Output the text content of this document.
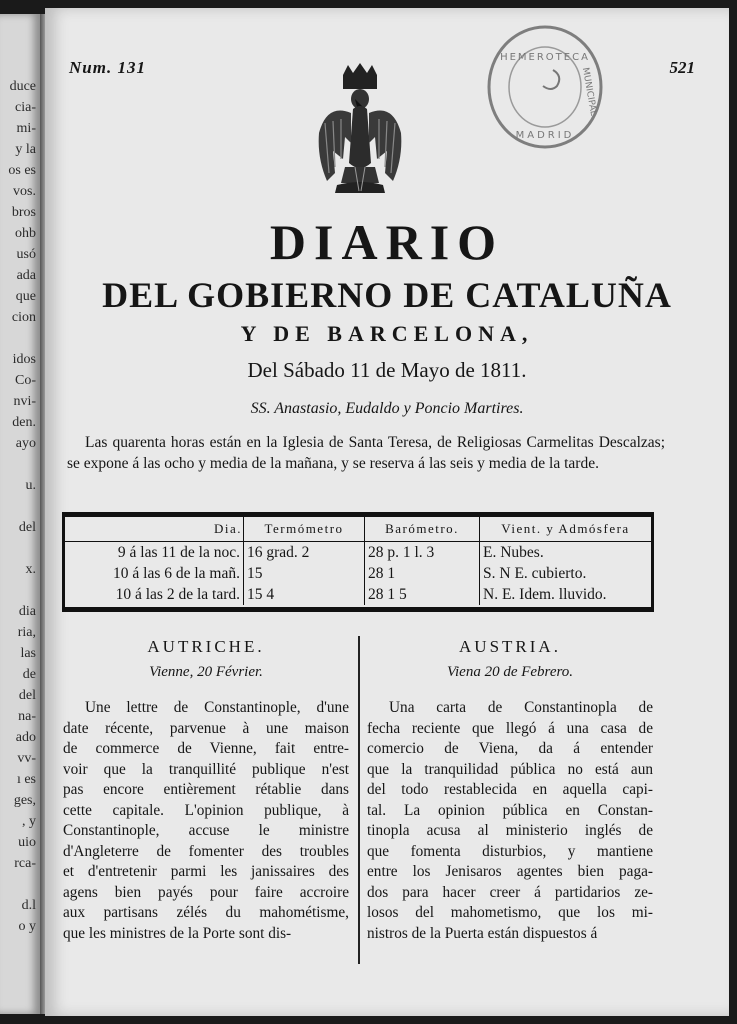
duce
cia-
mi-
y la
os es
vos.
bros
ohb
usó
ada
que
cion
idos
Co-
nvi-
den.
ayo
u.
del
x.
dia
ria,
las
de
del
na-
ado
vv-
ı es
ges,
, y
uio
rca-
d.l
o y
Num. 131	521
HEMEROTECA
MUNICIPAL
MADRID
DIARIO
DEL GOBIERNO DE CATALUÑA
Y DE BARCELONA,
Del Sábado 11 de Mayo de 1811.
SS. Anastasio, Eudaldo y Poncio Martires.
Las quarenta horas están en la Iglesia de Santa Teresa, de Religiosas Carmelitas Descalzas; se expone á las ocho y media de la mañana, y se reserva á las seis y media de la tarde.
Dia.	Termómetro	Barómetro.	Vient. y Admósfera
9 á las 11 de la noc.	16 grad. 2	28 p. 1 l. 3	E. Nubes.
10 á las 6 de la mañ.	15	28 1	S. N E. cubierto.
10 á las 2 de la tard.	15 4	28 1 5	N. E. Idem. lluvido.
AUTRICHE.
Vienne, 20 Février.
Une lettre de Constantinople, d'une
date récente, parvenue à une maison
de commerce de Vienne, fait entre-
voir que la tranquillité publique n'est
pas encore entièrement rétablie dans
cette capitale. L'opinion publique, à
Constantinople, accuse le ministre
d'Angleterre de fomenter des troubles
et d'entretenir parmi les janissaires des
agens bien payés pour faire accroire
aux partisans zélés du mahométisme,
que les ministres de la Porte sont dis-
AUSTRIA.
Viena 20 de Febrero.
Una carta de Constantinopla de
fecha reciente que llegó á una casa de
comercio de Viena, da á entender
que la tranquilidad pública no está aun
del todo restablecida en aquella capi-
tal. La opinion pública en Constan-
tinopla acusa al ministerio inglés de
que fomenta disturbios, y mantiene
entre los Jenisaros agentes bien paga-
dos para hacer creer á partidarios ze-
losos del mahometismo, que los mi-
nistros de la Puerta están dispuestos á
